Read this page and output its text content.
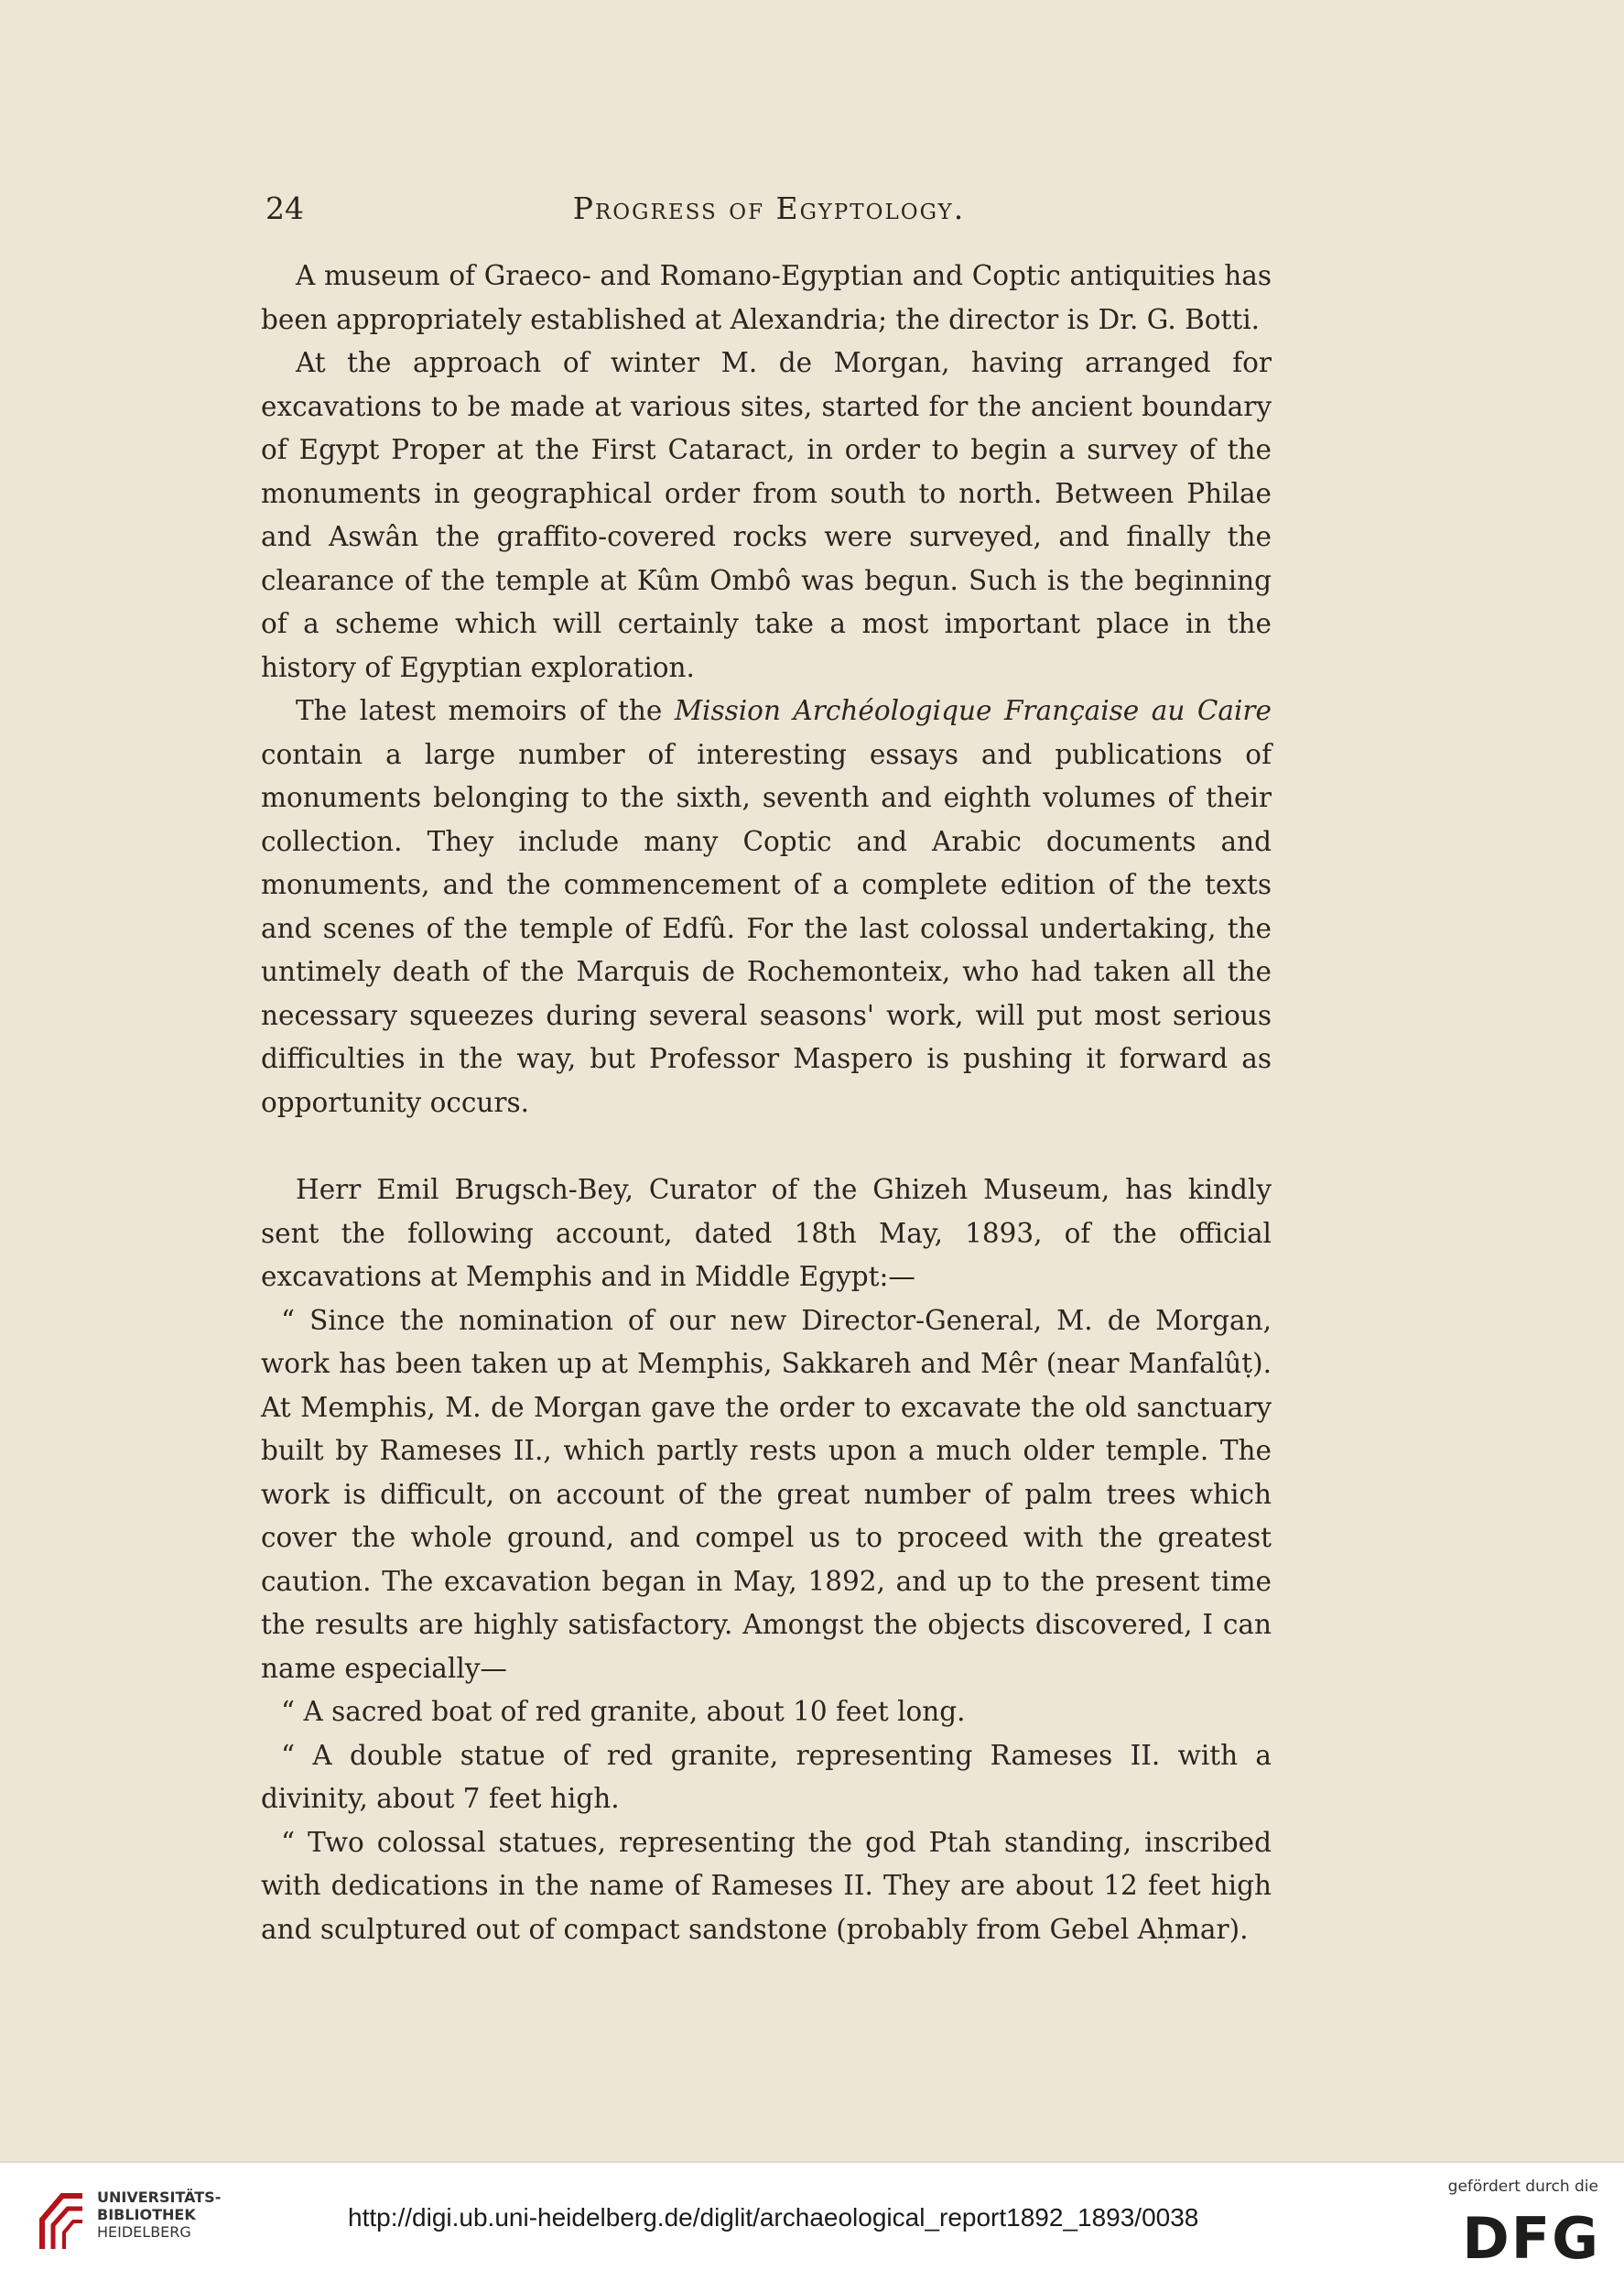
24	Progress of Egyptology.

A museum of Graeco- and Romano-Egyptian and Coptic antiquities has been appropriately established at Alexandria; the director is Dr. G. Botti.

At the approach of winter M. de Morgan, having arranged for excavations to be made at various sites, started for the ancient boundary of Egypt Proper at the First Cataract, in order to begin a survey of the monuments in geographical order from south to north. Between Philae and Aswân the graffito-covered rocks were surveyed, and finally the clearance of the temple at Kûm Ombô was begun. Such is the beginning of a scheme which will certainly take a most important place in the history of Egyptian exploration.

The latest memoirs of the Mission Archéologique Française au Caire contain a large number of interesting essays and publications of monuments belonging to the sixth, seventh and eighth volumes of their collection. They include many Coptic and Arabic documents and monuments, and the commencement of a complete edition of the texts and scenes of the temple of Edfû. For the last colossal undertaking, the untimely death of the Marquis de Rochemonteix, who had taken all the necessary squeezes during several seasons' work, will put most serious difficulties in the way, but Professor Maspero is pushing it forward as opportunity occurs.

Herr Emil Brugsch-Bey, Curator of the Ghizeh Museum, has kindly sent the following account, dated 18th May, 1893, of the official excavations at Memphis and in Middle Egypt:—

“ Since the nomination of our new Director-General, M. de Morgan, work has been taken up at Memphis, Sakkareh and Mêr (near Manfalûṭ). At Memphis, M. de Morgan gave the order to excavate the old sanctuary built by Rameses II., which partly rests upon a much older temple. The work is difficult, on account of the great number of palm trees which cover the whole ground, and compel us to proceed with the greatest caution. The excavation began in May, 1892, and up to the present time the results are highly satisfactory. Amongst the objects discovered, I can name especially—

“ A sacred boat of red granite, about 10 feet long.

“ A double statue of red granite, representing Rameses II. with a divinity, about 7 feet high.

“ Two colossal statues, representing the god Ptah standing, inscribed with dedications in the name of Rameses II. They are about 12 feet high and sculptured out of compact sandstone (probably from Gebel Aḥmar).

UNIVERSITÄTS-
BIBLIOTHEK
HEIDELBERG
http://digi.ub.uni-heidelberg.de/diglit/archaeological_report1892_1893/0038
gefördert durch die
DFG
